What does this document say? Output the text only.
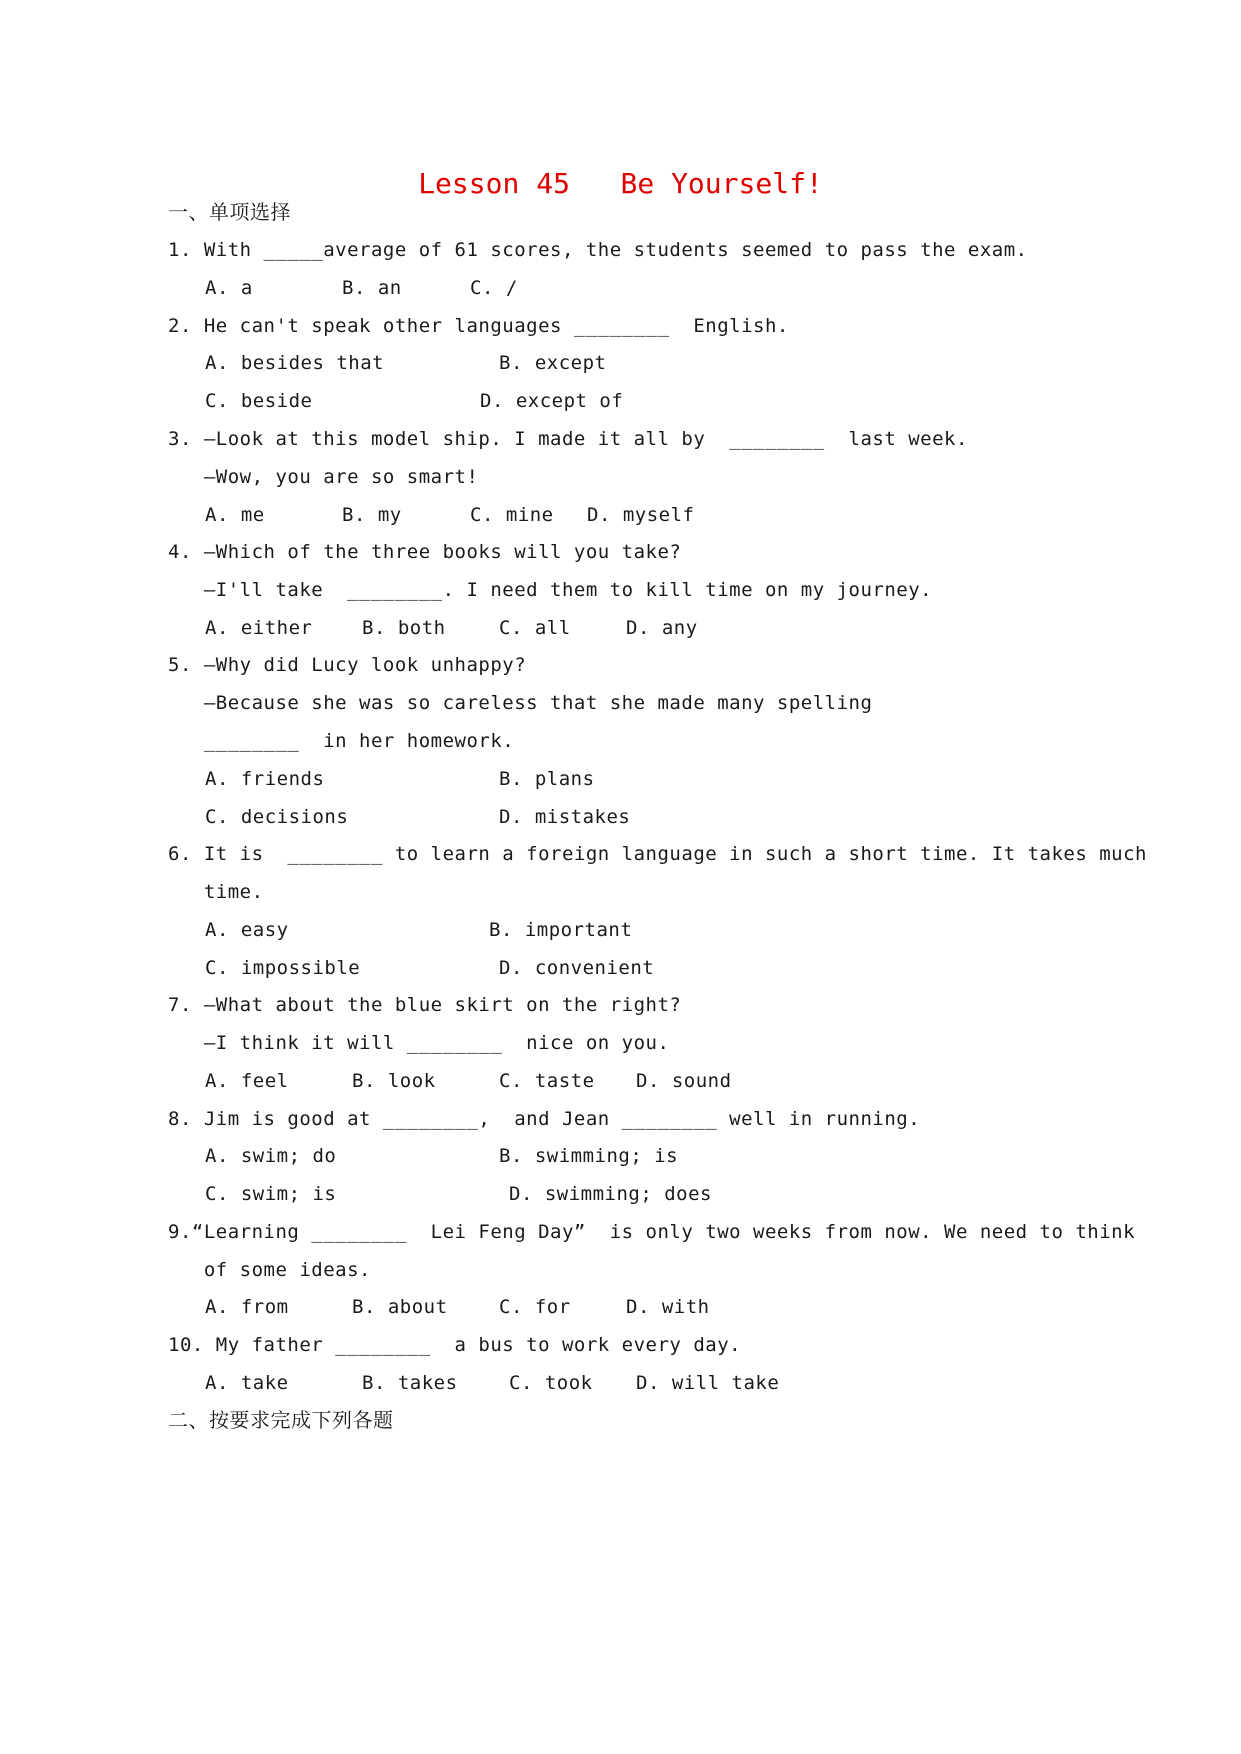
Lesson 45   Be Yourself!
一、单项选择
1. With _____average of 61 scores, the students seemed to pass the exam.
A. a	B. an	C. /
2. He can't speak other languages ________  English.
A. besides that	B. except
C. beside	D. except of
3. —Look at this model ship. I made it all by  ________  last week.
—Wow, you are so smart!
A. me	B. my	C. mine D. myself
4. —Which of the three books will you take?
—I'll take  ________. I need them to kill time on my journey.
A. either	B. both	C. all	D. any
5. —Why did Lucy look unhappy?
—Because she was so careless that she made many spelling
________  in her homework.
A. friends	B. plans
C. decisions	D. mistakes
6. It is  ________ to learn a foreign language in such a short time. It takes much
time.
A. easy	B. important
C. impossible	D. convenient
7. —What about the blue skirt on the right?
—I think it will ________  nice on you.
A. feel	B. look	C. taste D. sound
8. Jim is good at ________,  and Jean ________ well in running.
A. swim; do	B. swimming; is
C. swim; is	D. swimming; does
9.“Learning ________  Lei Feng Day”  is only two weeks from now. We need to think
of some ideas.
A. from	B. about	C. for	D. with
10. My father ________  a bus to work every day.
A. take	B. takes	C. took D. will take
二、按要求完成下列各题
